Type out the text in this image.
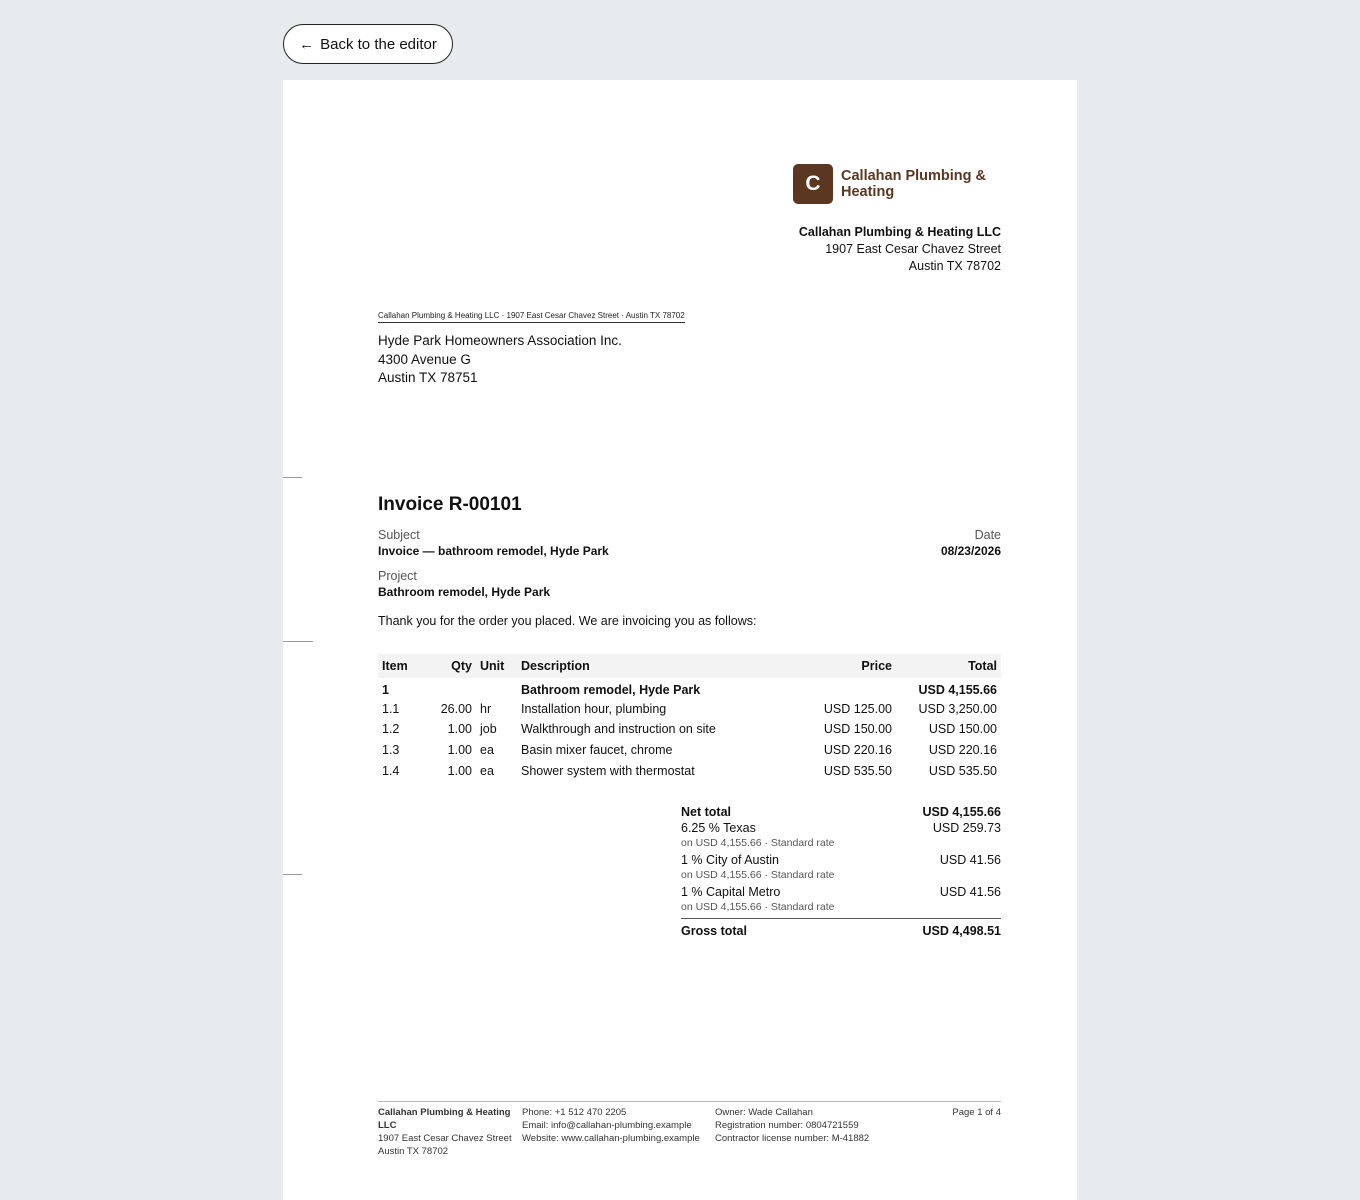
← Back to the editor
C	Callahan Plumbing & Heating
Callahan Plumbing & Heating LLC
1907 East Cesar Chavez Street
Austin TX 78702
Callahan Plumbing & Heating LLC · 1907 East Cesar Chavez Street · Austin TX 78702
Hyde Park Homeowners Association Inc.
4300 Avenue G
Austin TX 78751
Invoice R-00101
Subject
Invoice — bathroom remodel, Hyde Park
Date
08/23/2026
Project
Bathroom remodel, Hyde Park
Thank you for the order you placed. We are invoicing you as follows:
Item	Qty	Unit	Description	Price	Total
1			Bathroom remodel, Hyde Park		USD 4,155.66
1.1	26.00	hr	Installation hour, plumbing	USD 125.00	USD 3,250.00
1.2	1.00	job	Walkthrough and instruction on site	USD 150.00	USD 150.00
1.3	1.00	ea	Basin mixer faucet, chrome	USD 220.16	USD 220.16
1.4	1.00	ea	Shower system with thermostat	USD 535.50	USD 535.50
Net total	USD 4,155.66
6.25 % Texas	USD 259.73
on USD 4,155.66 · Standard rate
1 % City of Austin	USD 41.56
on USD 4,155.66 · Standard rate
1 % Capital Metro	USD 41.56
on USD 4,155.66 · Standard rate
Gross total	USD 4,498.51
Callahan Plumbing & Heating LLC
1907 East Cesar Chavez Street
Austin TX 78702
Phone: +1 512 470 2205
Email: info@callahan-plumbing.example
Website: www.callahan-plumbing.example
Owner: Wade Callahan
Registration number: 0804721559
Contractor license number: M-41882
Page 1 of 4
